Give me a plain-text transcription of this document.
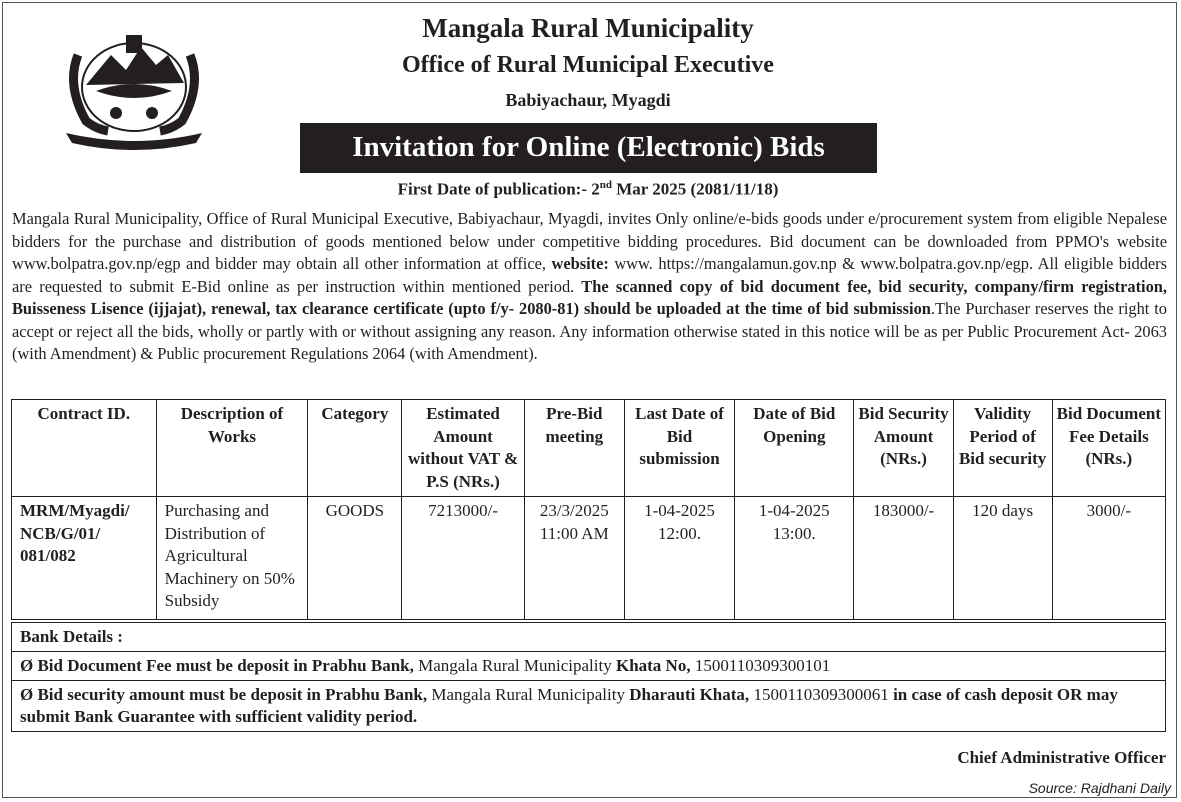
Mangala Rural Municipality
Office of Rural Municipal Executive
Babiyachaur, Myagdi
Invitation for Online (Electronic) Bids
First Date of publication:- 2nd Mar 2025 (2081/11/18)
Mangala Rural Municipality, Office of Rural Municipal Executive, Babiyachaur, Myagdi, invites Only online/e-bids goods under e/procurement system from eligible Nepalese bidders for the purchase and distribution of goods mentioned below under competitive bidding procedures. Bid document can be downloaded from PPMO's website www.bolpatra.gov.np/egp and bidder may obtain all other information at office, website: www. https://mangalamun.gov.np & www.bolpatra.gov.np/egp. All eligible bidders are requested to submit E-Bid online as per instruction within mentioned period. The scanned copy of bid document fee, bid security, company/firm registration, Buisseness Lisence (ijjajat), renewal, tax clearance certificate (upto f/y- 2080-81) should be uploaded at the time of bid submission.The Purchaser reserves the right to accept or reject all the bids, wholly or partly with or without assigning any reason. Any information otherwise stated in this notice will be as per Public Procurement Act- 2063 (with Amendment) & Public procurement Regulations 2064 (with Amendment).
Contract ID.	Description of Works	Category	Estimated Amount without VAT & P.S (NRs.)	Pre-Bid meeting	Last Date of Bid submission	Date of Bid Opening	Bid Security Amount (NRs.)	Validity Period of Bid security	Bid Document Fee Details (NRs.)
MRM/Myagdi/ NCB/G/01/ 081/082	Purchasing and Distribution of Agricultural Machinery on 50% Subsidy	GOODS	7213000/-	23/3/2025 11:00 AM	1-04-2025 12:00.	1-04-2025 13:00.	183000/-	120 days	3000/-
Bank Details :
Ø Bid Document Fee must be deposit in Prabhu Bank, Mangala Rural Municipality Khata No, 1500110309300101
Ø Bid security amount must be deposit in Prabhu Bank, Mangala Rural Municipality Dharauti Khata, 1500110309300061 in case of cash deposit OR may submit Bank Guarantee with sufficient validity period.
Chief Administrative Officer
Source: Rajdhani Daily
